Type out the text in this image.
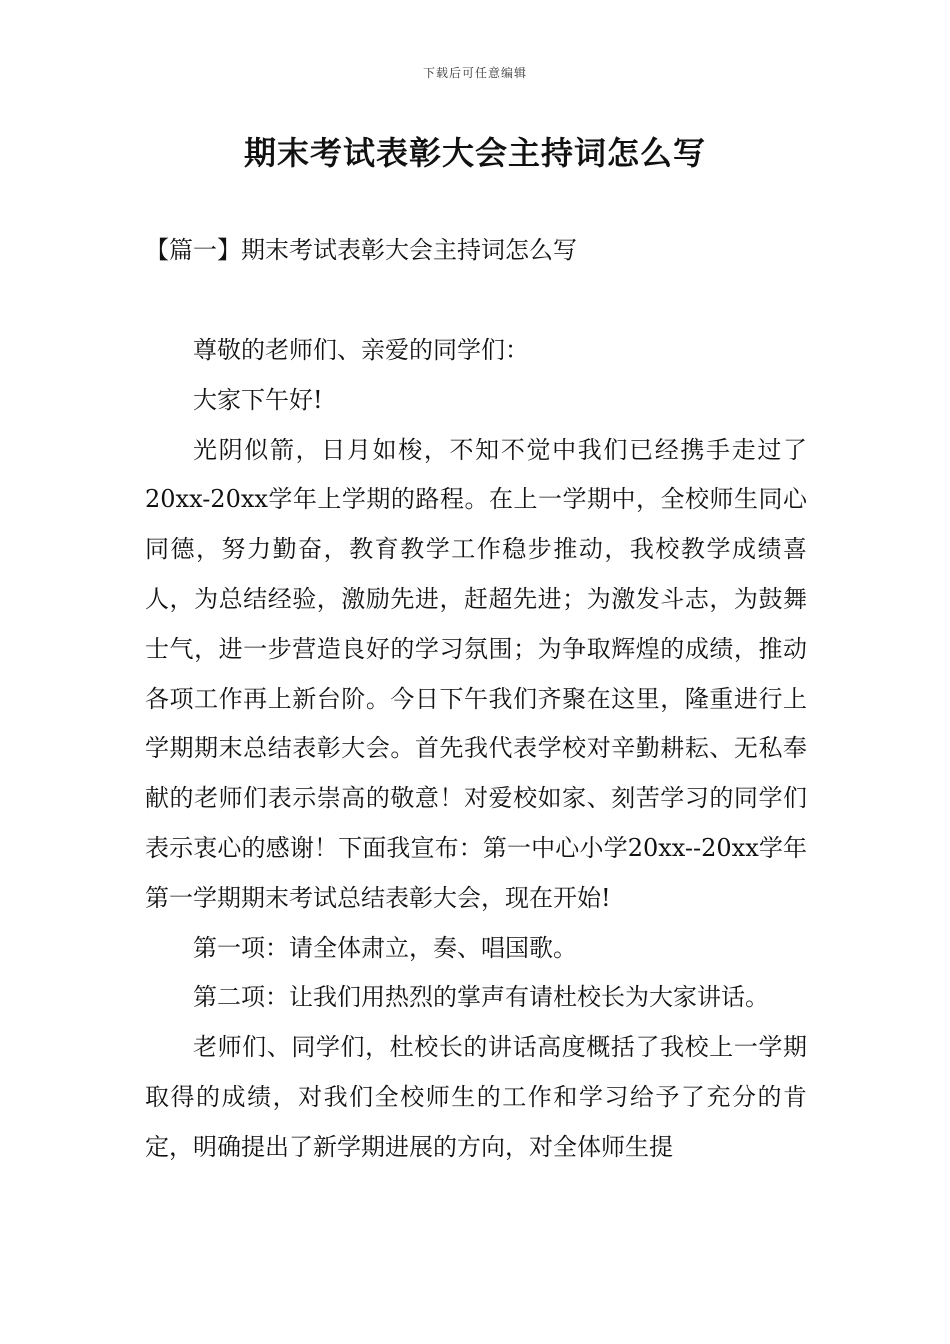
下载后可任意编辑
期末考试表彰大会主持词怎么写
【篇一】期末考试表彰大会主持词怎么写

尊敬的老师们、亲爱的同学们：

大家下午好!

光阴似箭，日月如梭，不知不觉中我们已经携手走过了20xx-20xx学年上学期的路程。在上一学期中，全校师生同心同德，努力勤奋，教育教学工作稳步推动，我校教学成绩喜人，为总结经验，激励先进，赶超先进；为激发斗志，为鼓舞士气，进一步营造良好的学习氛围；为争取辉煌的成绩，推动各项工作再上新台阶。今日下午我们齐聚在这里，隆重进行上学期期末总结表彰大会。首先我代表学校对辛勤耕耘、无私奉献的老师们表示崇高的敬意！对爱校如家、刻苦学习的同学们表示衷心的感谢！下面我宣布：第一中心小学20xx--20xx学年第一学期期末考试总结表彰大会，现在开始!

第一项：请全体肃立，奏、唱国歌。

第二项：让我们用热烈的掌声有请杜校长为大家讲话。

老师们、同学们，杜校长的讲话高度概括了我校上一学期取得的成绩，对我们全校师生的工作和学习给予了充分的肯定，明确提出了新学期进展的方向，对全体师生提
